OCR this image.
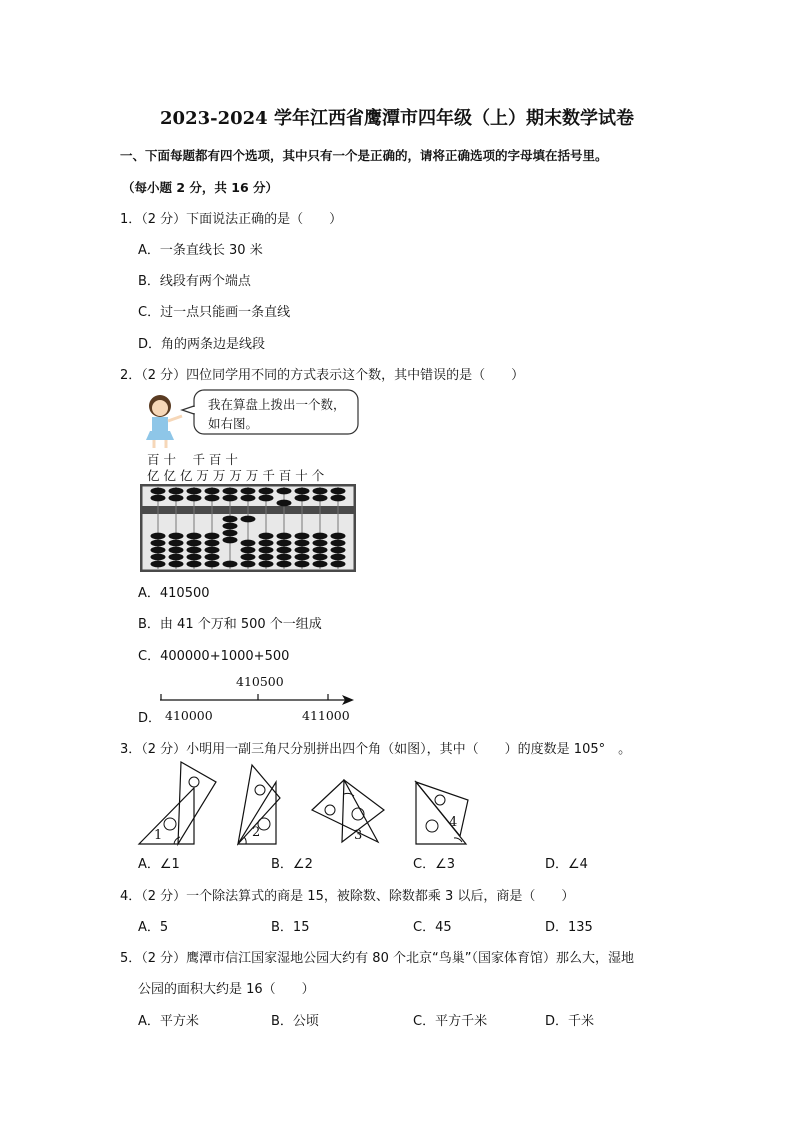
2023-2024 学年江西省鹰潭市四年级（上）期末数学试卷
一、下面每题都有四个选项，其中只有一个是正确的，请将正确选项的字母填在括号里。
（每小题 2 分，共 16 分）
1．（2 分）下面说法正确的是（　　）
A．一条直线长 30 米
B．线段有两个端点
C．过一点只能画一条直线
D．角的两条边是线段
2．（2 分）四位同学用不同的方式表示这个数，其中错误的是（　　）
我在算盘上拨出一个数，
如右图。
百 十　 千 百 十
亿 亿 亿 万 万 万 万 千 百 十 个
A．410500
B．由 41 个万和 500 个一组成
C．400000+1000+500
D．
410500
410000	411000
3．（2 分）小明用一副三角尺分别拼出四个角（如图），其中（　　）的度数是 105°　。
1	2	3
4
A．∠1	B．∠2	C．∠3	D．∠4
4．（2 分）一个除法算式的商是 15，被除数、除数都乘 3 以后，商是（　　）
A．5	B．15	C．45	D．135
5．（2 分）鹰潭市信江国家湿地公园大约有 80 个北京“鸟巢”（国家体育馆）那么大，湿地
公园的面积大约是 16（　　）
A．平方米	B．公顷	C．平方千米	D．千米
